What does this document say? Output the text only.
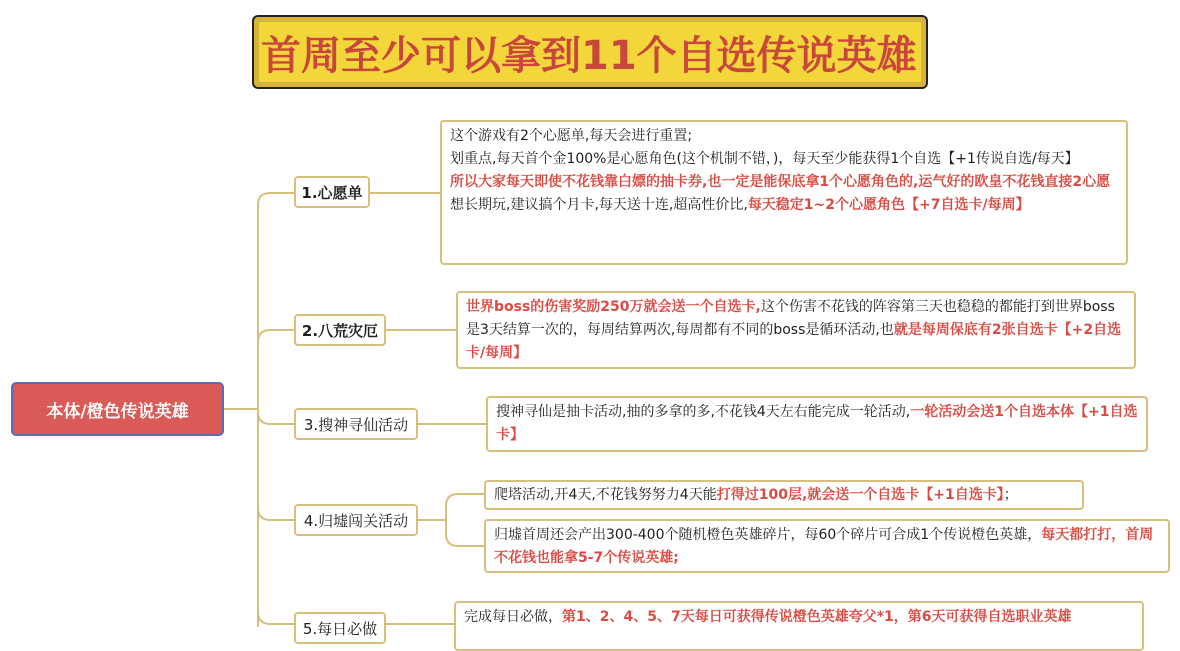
首周至少可以拿到11个自选传说英雄
本体/橙色传说英雄
1.心愿单
2.八荒灾厄
3.搜神寻仙活动
4.归墟闯关活动
5.每日必做
这个游戏有2个心愿单,每天会进行重置;
划重点,每天首个金100%是心愿角色(这个机制不错，)，每天至少能获得1个自选【+1传说自选/每天】
所以大家每天即使不花钱靠白嫖的抽卡券,也一定是能保底拿1个心愿角色的,运气好的欧皇不花钱直接2心愿
想长期玩,建议搞个月卡,每天送十连,超高性价比,每天稳定1~2个心愿角色【+7自选卡/每周】
世界boss的伤害奖励250万就会送一个自选卡,这个伤害不花钱的阵容第三天也稳稳的都能打到世界boss是3天结算一次的，每周结算两次,每周都有不同的boss是循环活动,也就是每周保底有2张自选卡【+2自选卡/每周】
搜神寻仙是抽卡活动,抽的多拿的多,不花钱4天左右能完成一轮活动,一轮活动会送1个自选本体【+1自选卡】
爬塔活动,开4天,不花钱努努力4天能打得过100层,就会送一个自选卡【+1自选卡】；
归墟首周还会产出300-400个随机橙色英雄碎片，每60个碎片可合成1个传说橙色英雄，每天都打打，首周不花钱也能拿5-7个传说英雄;
完成每日必做，第1、2、4、5、7天每日可获得传说橙色英雄夸父*1，第6天可获得自选职业英雄
